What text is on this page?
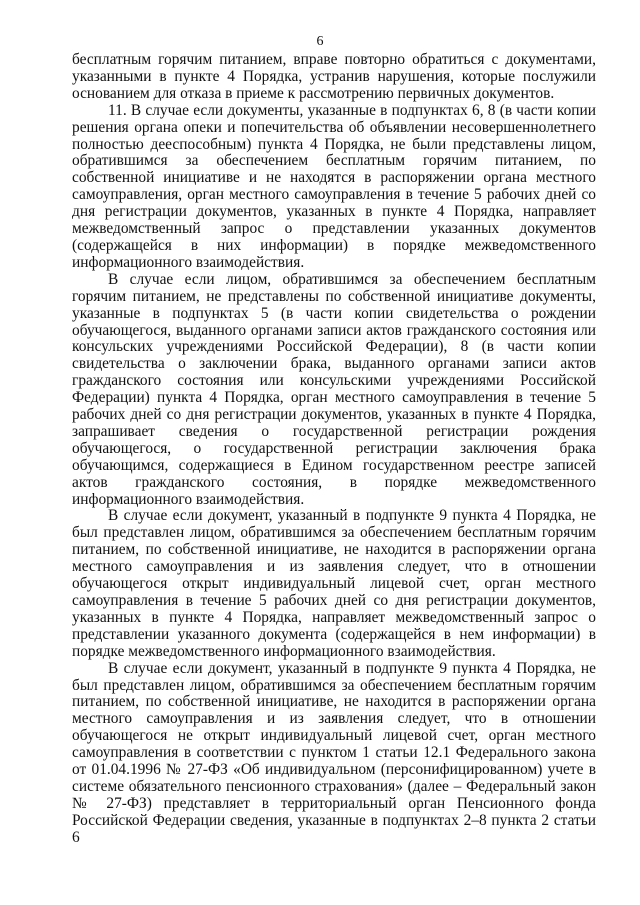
6

бесплатным горячим питанием, вправе повторно обратиться с документами, указанными в пункте 4 Порядка, устранив нарушения, которые послужили основанием для отказа в приеме к рассмотрению первичных документов.

11. В случае если документы, указанные в подпунктах 6, 8 (в части копии решения органа опеки и попечительства об объявлении несовершеннолетнего полностью дееспособным) пункта 4 Порядка, не были представлены лицом, обратившимся за обеспечением бесплатным горячим питанием, по собственной инициативе и не находятся в распоряжении органа местного самоуправления, орган местного самоуправления в течение 5 рабочих дней со дня регистрации документов, указанных в пункте 4 Порядка, направляет межведомственный запрос о представлении указанных документов (содержащейся в них информации) в порядке межведомственного информационного взаимодействия.

В случае если лицом, обратившимся за обеспечением бесплатным горячим питанием, не представлены по собственной инициативе документы, указанные в подпунктах 5 (в части копии свидетельства о рождении обучающегося, выданного органами записи актов гражданского состояния или консульских учреждениями Российской Федерации), 8 (в части копии свидетельства о заключении брака, выданного органами записи актов гражданского состояния или консульскими учреждениями Российской Федерации) пункта 4 Порядка, орган местного самоуправления в течение 5 рабочих дней со дня регистрации документов, указанных в пункте 4 Порядка, запрашивает сведения о государственной регистрации рождения обучающегося, о государственной регистрации заключения брака обучающимся, содержащиеся в Едином государственном реестре записей актов гражданского состояния, в порядке межведомственного информационного взаимодействия.

В случае если документ, указанный в подпункте 9 пункта 4 Порядка, не был представлен лицом, обратившимся за обеспечением бесплатным горячим питанием, по собственной инициативе, не находится в распоряжении органа местного самоуправления и из заявления следует, что в отношении обучающегося открыт индивидуальный лицевой счет, орган местного самоуправления в течение 5 рабочих дней со дня регистрации документов, указанных в пункте 4 Порядка, направляет межведомственный запрос о представлении указанного документа (содержащейся в нем информации) в порядке межведомственного информационного взаимодействия.

В случае если документ, указанный в подпункте 9 пункта 4 Порядка, не был представлен лицом, обратившимся за обеспечением бесплатным горячим питанием, по собственной инициативе, не находится в распоряжении органа местного самоуправления и из заявления следует, что в отношении обучающегося не открыт индивидуальный лицевой счет, орган местного самоуправления в соответствии с пунктом 1 статьи 12.1 Федерального закона от 01.04.1996 № 27-ФЗ «Об индивидуальном (персонифицированном) учете в системе обязательного пенсионного страхования» (далее – Федеральный закон № 27-ФЗ) представляет в территориальный орган Пенсионного фонда Российской Федерации сведения, указанные в подпунктах 2–8 пункта 2 статьи 6
